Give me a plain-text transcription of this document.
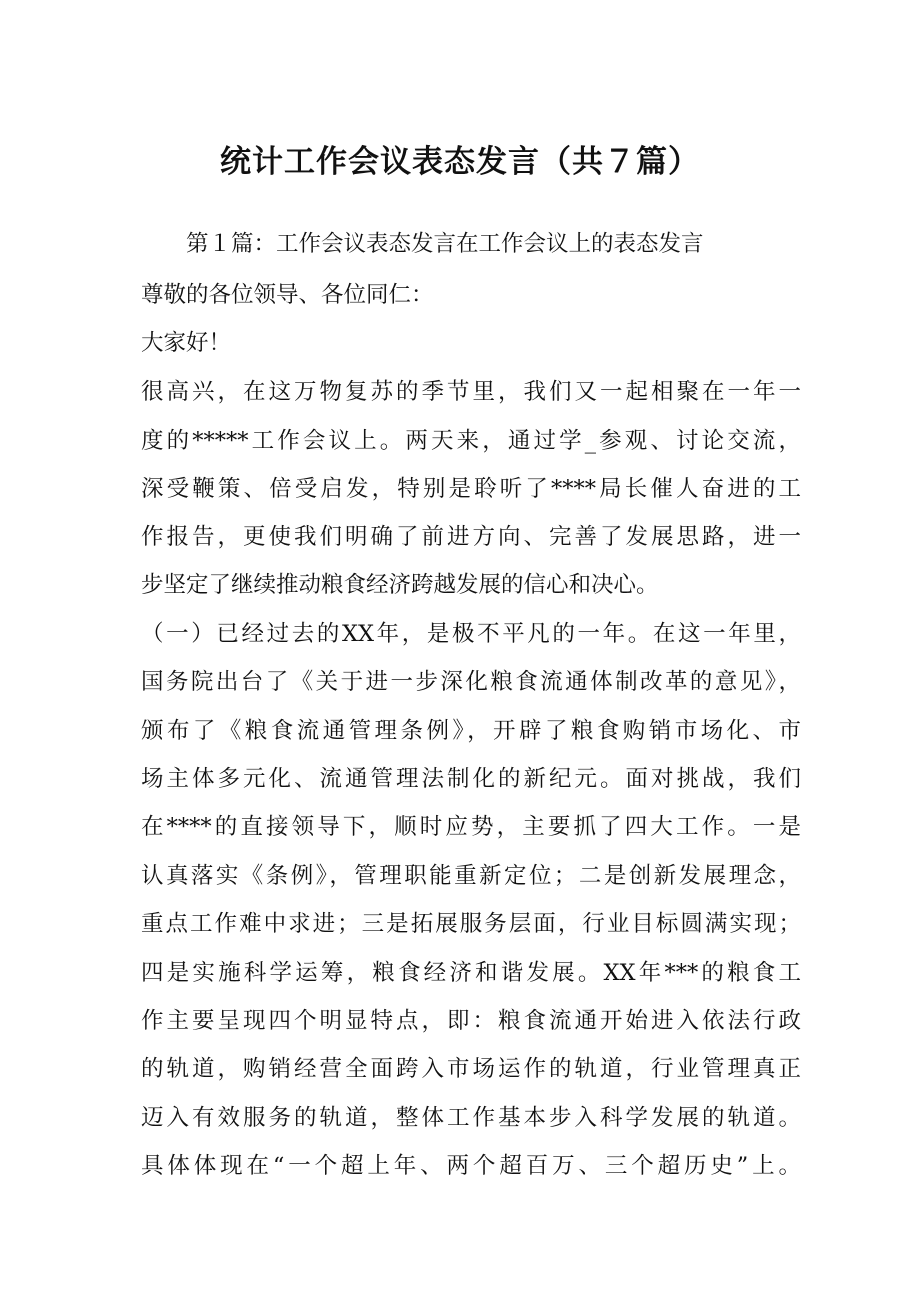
统计工作会议表态发言（共７篇）

第１篇：工作会议表态发言在工作会议上的表态发言

尊敬的各位领导、各位同仁：

大家好！

很高兴，在这万物复苏的季节里，我们又一起相聚在一年一

度的*****工作会议上。两天来，通过学_参观、讨论交流，

深受鞭策、倍受启发，特别是聆听了****局长催人奋进的工

作报告，更使我们明确了前进方向、完善了发展思路，进一

步坚定了继续推动粮食经济跨越发展的信心和决心。

（一）已经过去的XX年，是极不平凡的一年。在这一年里，

国务院出台了《关于进一步深化粮食流通体制改革的意见》，

颁布了《粮食流通管理条例》，开辟了粮食购销市场化、市

场主体多元化、流通管理法制化的新纪元。面对挑战，我们

在****的直接领导下，顺时应势，主要抓了四大工作。一是

认真落实《条例》，管理职能重新定位；二是创新发展理念，

重点工作难中求进；三是拓展服务层面，行业目标圆满实现；

四是实施科学运筹，粮食经济和谐发展。XX年***的粮食工

作主要呈现四个明显特点，即：粮食流通开始进入依法行政

的轨道，购销经营全面跨入市场运作的轨道，行业管理真正

迈入有效服务的轨道，整体工作基本步入科学发展的轨道。

具体体现在“一个超上年、两个超百万、三个超历史”上。
